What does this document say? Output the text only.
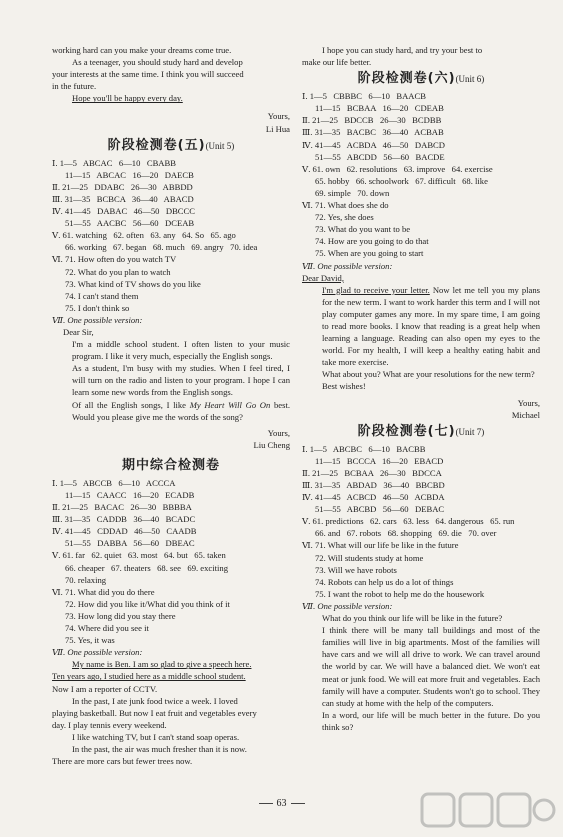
working hard can you make your dreams come true.
As a teenager, you should study hard and develop
your interests at the same time. I think you will succeed
in the future.
Hope you'll be happy every day.
Yours,
Li Hua
阶段检测卷(五)(Unit 5)
Ⅰ. 1—5   ABCAC   6—10   CBABB
11—15   ABCAC   16—20   DAECB
Ⅱ. 21—25   DDABC   26—30   ABBDD
Ⅲ. 31—35   BCBCA   36—40   ABACD
Ⅳ. 41—45   DABAC   46—50   DBCCC
51—55   AACBC   56—60   DCEAB
Ⅴ. 61. watching   62. often   63. any   64. So   65. ago
66. working   67. began   68. much   69. angry   70. idea
Ⅵ. 71. How often do you watch TV
72. What do you plan to watch
73. What kind of TV shows do you like
74. I can't stand them
75. I don't think so
Ⅶ. One possible version:
Dear Sir,
I'm a middle school student. I often listen to your music program. I like it very much, especially the English songs.
As a student, I'm busy with my studies. When I feel tired, I will turn on the radio and listen to your program. I hope I can learn some new words from the English songs.
Of all the English songs, I like My Heart Will Go On best. Would you please give me the words of the song?
Yours,
Liu Cheng
期中综合检测卷
Ⅰ. 1—5   ABCCB   6—10   ACCCA
11—15   CAACC   16—20   ECADB
Ⅱ. 21—25   BACAC   26—30   BBBBA
Ⅲ. 31—35   CADDB   36—40   BCADC
Ⅳ. 41—45   CDDAD   46—50   CAADB
51—55   DABBA   56—60   DBEAC
Ⅴ. 61. far   62. quiet   63. most   64. but   65. taken
66. cheaper   67. theaters   68. see   69. exciting
70. relaxing
Ⅵ. 71. What did you do there
72. How did you like it/What did you think of it
73. How long did you stay there
74. Where did you see it
75. Yes, it was
Ⅶ. One possible version:
My name is Ben. I am so glad to give a speech here.
Ten years ago, I studied here as a middle school student.
Now I am a reporter of CCTV.
In the past, I ate junk food twice a week. I loved
playing basketball. But now I eat fruit and vegetables every
day. I play tennis every weekend.
I like watching TV, but I can't stand soap operas.
In the past, the air was much fresher than it is now.
There are more cars but fewer trees now.
I hope you can study hard, and try your best to
make our life better.
阶段检测卷(六)(Unit 6)
Ⅰ. 1—5   CBBBC   6—10   BAACB
11—15   BCBAA   16—20   CDEAB
Ⅱ. 21—25   BDCCB   26—30   BCDBB
Ⅲ. 31—35   BACBC   36—40   ACBAB
Ⅳ. 41—45   ACBDA   46—50   DABCD
51—55   ABCDD   56—60   BACDE
Ⅴ. 61. own   62. resolutions   63. improve   64. exercise
65. hobby   66. schoolwork   67. difficult   68. like
69. simple   70. down
Ⅵ. 71. What does she do
72. Yes, she does
73. What do you want to be
74. How are you going to do that
75. When are you going to start
Ⅶ. One possible version:
Dear David,
I'm glad to receive your letter. Now let me tell you my plans for the new term. I want to work harder this term and I will not play computer games any more. In my spare time, I am going to read more books. I know that reading is a great help when learning a language. Reading can also open my eyes to the world. For my health, I will keep a healthy eating habit and take more exercise.
What about you? What are your resolutions for the new term?
Best wishes!
Yours,
Michael
阶段检测卷(七)(Unit 7)
Ⅰ. 1—5   ABCBC   6—10   BACBB
11—15   BCCCA   16—20   EBACD
Ⅱ. 21—25   BCBAA   26—30   BDCCA
Ⅲ. 31—35   ABDAD   36—40   BBCBD
Ⅳ. 41—45   ACBCD   46—50   ACBDA
51—55   ABCBD   56—60   DEBAC
Ⅴ. 61. predictions   62. cars   63. less   64. dangerous   65. run
66. and   67. robots   68. shopping   69. die   70. over
Ⅵ. 71. What will our life be like in the future
72. Will students study at home
73. Will we have robots
74. Robots can help us do a lot of things
75. I want the robot to help me do the housework
Ⅶ. One possible version:
What do you think our life will be like in the future?
I think there will be many tall buildings and most of the families will live in big apartments. Most of the families will have cars and we will all drive to work. We can travel around the world by car. We will have a balanced diet. We won't eat meat or junk food. We will eat more fruit and vegetables. Each family will have a computer. Students won't go to school. They can study at home with the help of the computers.
In a word, our life will be much better in the future. Do you think so?
63
